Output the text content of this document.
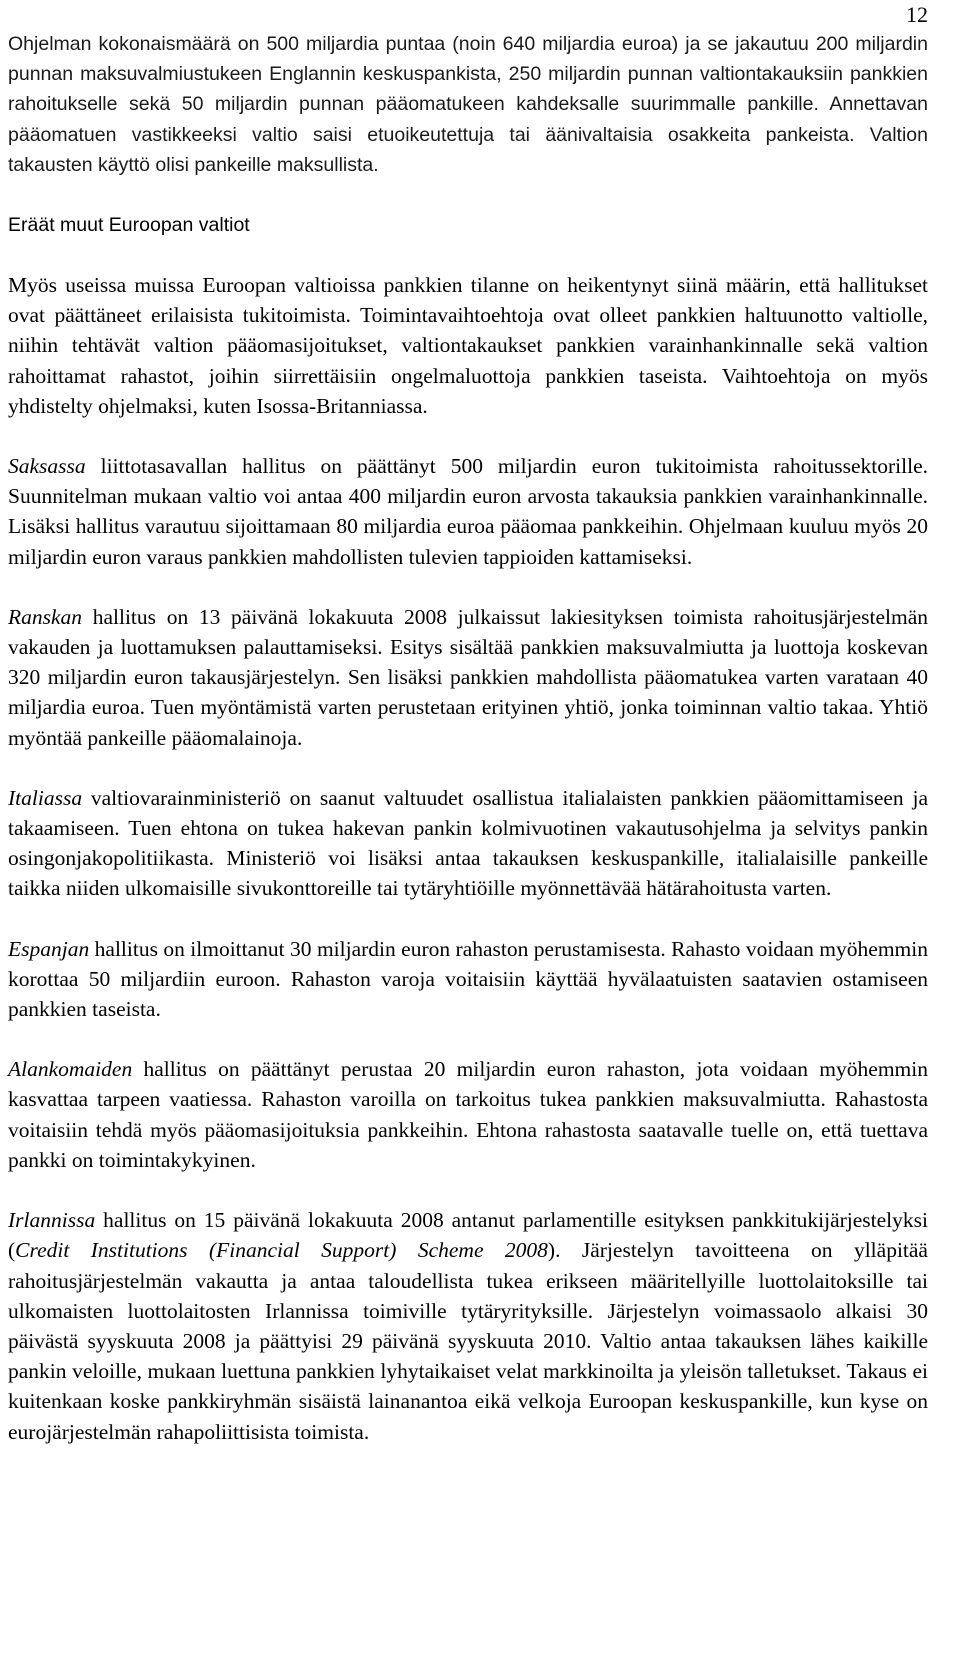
12

Ohjelman kokonaismäärä on 500 miljardia puntaa (noin 640 miljardia euroa) ja se jakautuu 200 miljardin punnan maksuvalmiustukeen Englannin keskuspankista, 250 miljardin punnan valtiontakauksiin pankkien rahoitukselle sekä 50 miljardin punnan pääomatukeen kahdeksalle suurimmalle pankille. Annettavan pääomatuen vastikkeeksi valtio saisi etuoikeutettuja tai äänivaltaisia osakkeita pankeista. Valtion takausten käyttö olisi pankeille maksullista.

Eräät muut Euroopan valtiot

Myös useissa muissa Euroopan valtioissa pankkien tilanne on heikentynyt siinä määrin, että hallitukset ovat päättäneet erilaisista tukitoimista. Toimintavaihtoehtoja ovat olleet pankkien haltuunotto valtiolle, niihin tehtävät valtion pääomasijoitukset, valtiontakaukset pankkien varainhankinnalle sekä valtion rahoittamat rahastot, joihin siirrettäisiin ongelmaluottoja pankkien taseista. Vaihtoehtoja on myös yhdistelty ohjelmaksi, kuten Isossa-Britanniassa.

Saksassa liittotasavallan hallitus on päättänyt 500 miljardin euron tukitoimista rahoitussektorille. Suunnitelman mukaan valtio voi antaa 400 miljardin euron arvosta takauksia pankkien varainhankinnalle. Lisäksi hallitus varautuu sijoittamaan 80 miljardia euroa pääomaa pankkeihin. Ohjelmaan kuuluu myös 20 miljardin euron varaus pankkien mahdollisten tulevien tappioiden kattamiseksi.

Ranskan hallitus on 13 päivänä lokakuuta 2008 julkaissut lakiesityksen toimista rahoitusjärjestelmän vakauden ja luottamuksen palauttamiseksi. Esitys sisältää pankkien maksuvalmiutta ja luottoja koskevan 320 miljardin euron takausjärjestelyn. Sen lisäksi pankkien mahdollista pääomatukea varten varataan 40 miljardia euroa. Tuen myöntämistä varten perustetaan erityinen yhtiö, jonka toiminnan valtio takaa. Yhtiö myöntää pankeille pääomalainoja.

Italiassa valtiovarainministeriö on saanut valtuudet osallistua italialaisten pankkien pääomittamiseen ja takaamiseen. Tuen ehtona on tukea hakevan pankin kolmivuotinen vakautusohjelma ja selvitys pankin osingonjakopolitiikasta. Ministeriö voi lisäksi antaa takauksen keskuspankille, italialaisille pankeille taikka niiden ulkomaisille sivukonttoreille tai tytäryhtiöille myönnettävää hätärahoitusta varten.

Espanjan hallitus on ilmoittanut 30 miljardin euron rahaston perustamisesta. Rahasto voidaan myöhemmin korottaa 50 miljardiin euroon. Rahaston varoja voitaisiin käyttää hyvälaatuisten saatavien ostamiseen pankkien taseista.

Alankomaiden hallitus on päättänyt perustaa 20 miljardin euron rahaston, jota voidaan myöhemmin kasvattaa tarpeen vaatiessa. Rahaston varoilla on tarkoitus tukea pankkien maksuvalmiutta. Rahastosta voitaisiin tehdä myös pääomasijoituksia pankkeihin. Ehtona rahastosta saatavalle tuelle on, että tuettava pankki on toimintakykyinen.

Irlannissa hallitus on 15 päivänä lokakuuta 2008 antanut parlamentille esityksen pankkitukijärjestelyksi (Credit Institutions (Financial Support) Scheme 2008). Järjestelyn tavoitteena on ylläpitää rahoitusjärjestelmän vakautta ja antaa taloudellista tukea erikseen määritellyille luottolaitoksille tai ulkomaisten luottolaitosten Irlannissa toimiville tytäryrityksille. Järjestelyn voimassaolo alkaisi 30 päivästä syyskuuta 2008 ja päättyisi 29 päivänä syyskuuta 2010. Valtio antaa takauksen lähes kaikille pankin veloille, mukaan luettuna pankkien lyhytaikaiset velat markkinoilta ja yleisön talletukset. Takaus ei kuitenkaan koske pankkiryhmän sisäistä lainanantoa eikä velkoja Euroopan keskuspankille, kun kyse on eurojärjestelmän rahapoliittisista toimista.
